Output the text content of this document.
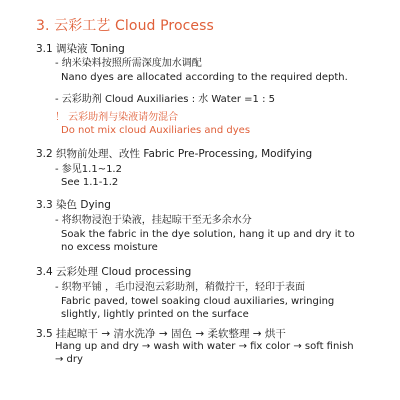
3. 云彩工艺 Cloud Process
3.1 调染液 Toning
- 纳米染料按照所需深度加水调配
Nano dyes are allocated according to the required depth.
- 云彩助剂 Cloud Auxiliaries : 水 Water =1 : 5
！ 云彩助剂与染液请勿混合
Do not mix cloud Auxiliaries and dyes
3.2 织物前处理、改性 Fabric Pre-Processing, Modifying
- 参见1.1~1.2
See 1.1-1.2
3.3 染色 Dying
- 将织物浸泡于染液，挂起晾干至无多余水分
Soak the fabric in the dye solution, hang it up and dry it to no excess moisture
3.4 云彩处理 Cloud processing
- 织物平铺 ，毛巾浸泡云彩助剂，稍微拧干，轻印于表面
Fabric paved, towel soaking cloud auxiliaries, wringing slightly, lightly printed on the surface
3.5 挂起晾干 → 清水洗净 → 固色 → 柔软整理 → 烘干
Hang up and dry → wash with water → fix color → soft finish → dry
